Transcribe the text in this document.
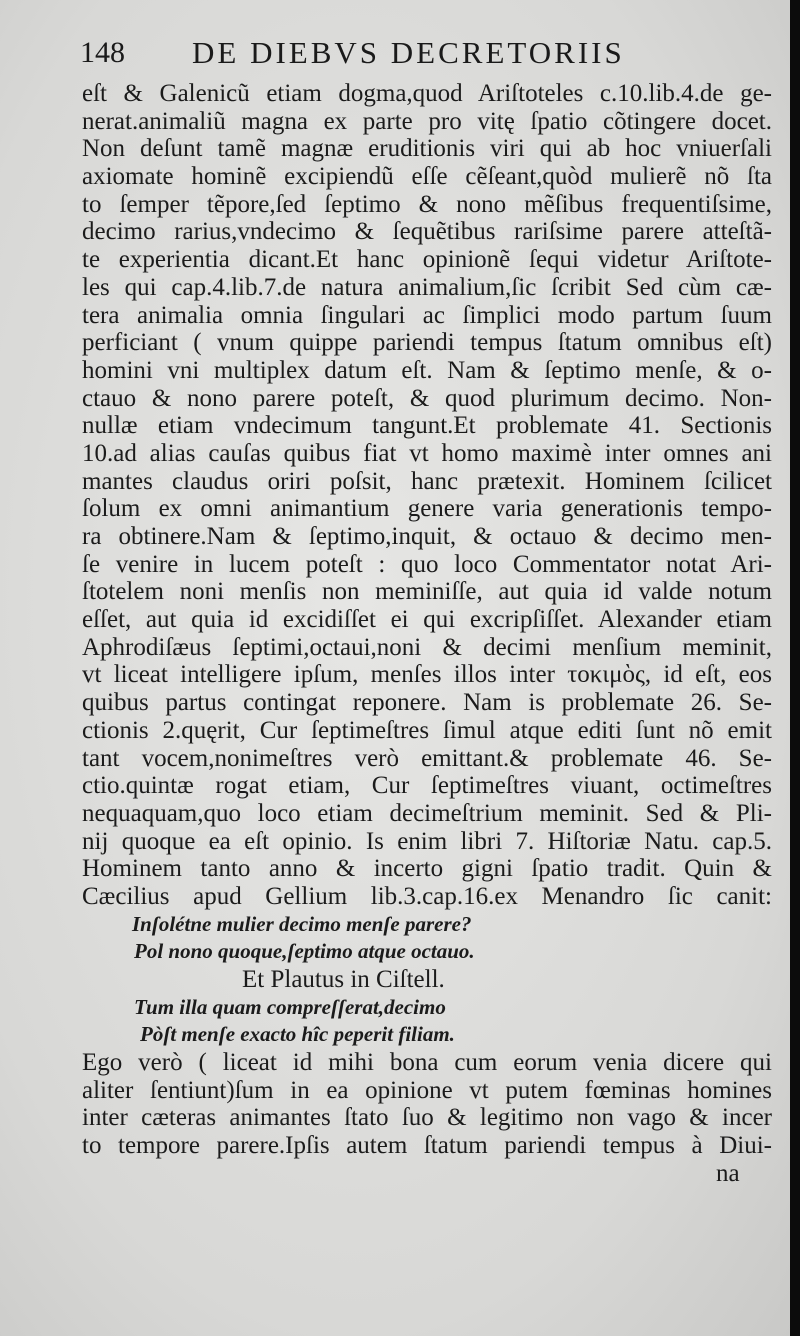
148 DE DIEBVS DECRETORIIS
eſt & Galenicũ etiam dogma,quod Ariſtoteles c.10.lib.4.de ge-
nerat.animaliũ magna ex parte pro vitę ſpatio cõtingere docet.
Non deſunt tamẽ magnæ eruditionis viri qui ab hoc vniuerſali
axiomate hominẽ excipiendũ eſſe cẽſeant,quòd mulierẽ nõ ſta
to ſemper tẽpore,ſed ſeptimo & nono mẽſibus frequentiſsime,
decimo rarius,vndecimo & ſequẽtibus rariſsime parere atteſtã-
te experientia dicant.Et hanc opinionẽ ſequi videtur Ariſtote-
les qui cap.4.lib.7.de natura animalium,ſic ſcribit Sed cùm cæ-
tera animalia omnia ſingulari ac ſimplici modo partum ſuum
perficiant ( vnum quippe pariendi tempus ſtatum omnibus eſt)
homini vni multiplex datum eſt. Nam & ſeptimo menſe, & o-
ctauo & nono parere poteſt, & quod plurimum decimo. Non-
nullæ etiam vndecimum tangunt.Et problemate 41. Sectionis
10.ad alias cauſas quibus fiat vt homo maximè inter omnes ani
mantes claudus oriri poſsit, hanc prætexit. Hominem ſcilicet
ſolum ex omni animantium genere varia generationis tempo-
ra obtinere.Nam & ſeptimo,inquit, & octauo & decimo men-
ſe venire in lucem poteſt : quo loco Commentator notat Ari-
ſtotelem noni menſis non meminiſſe, aut quia id valde notum
eſſet, aut quia id excidiſſet ei qui excripſiſſet. Alexander etiam
Aphrodiſæus ſeptimi,octaui,noni & decimi menſium meminit,
vt liceat intelligere ipſum, menſes illos inter τοκιμὸς, id eſt, eos
quibus partus contingat reponere. Nam is problemate 26. Se-
ctionis 2.quęrit, Cur ſeptimeſtres ſimul atque editi ſunt nõ emit
tant vocem,nonimeſtres verò emittant.& problemate 46. Se-
ctio.quintæ rogat etiam, Cur ſeptimeſtres viuant, octimeſtres
nequaquam,quo loco etiam decimeſtrium meminit. Sed & Pli-
nij quoque ea eſt opinio. Is enim libri 7. Hiſtoriæ Natu. cap.5.
Hominem tanto anno & incerto gigni ſpatio tradit. Quin &
Cæcilius apud Gellium lib.3.cap.16.ex Menandro ſic canit:
Inſolétne mulier decimo menſe parere?
Pol nono quoque,ſeptimo atque octauo.
Et Plautus in Ciſtell.
Tum illa quam compreſſerat,decimo
Pòſt menſe exacto hîc peperit filiam.
Ego verò ( liceat id mihi bona cum eorum venia dicere qui
aliter ſentiunt)ſum in ea opinione vt putem fœminas homines
inter cæteras animantes ſtato ſuo & legitimo non vago & incer
to tempore parere.Ipſis autem ſtatum pariendi tempus à Diui-
na
